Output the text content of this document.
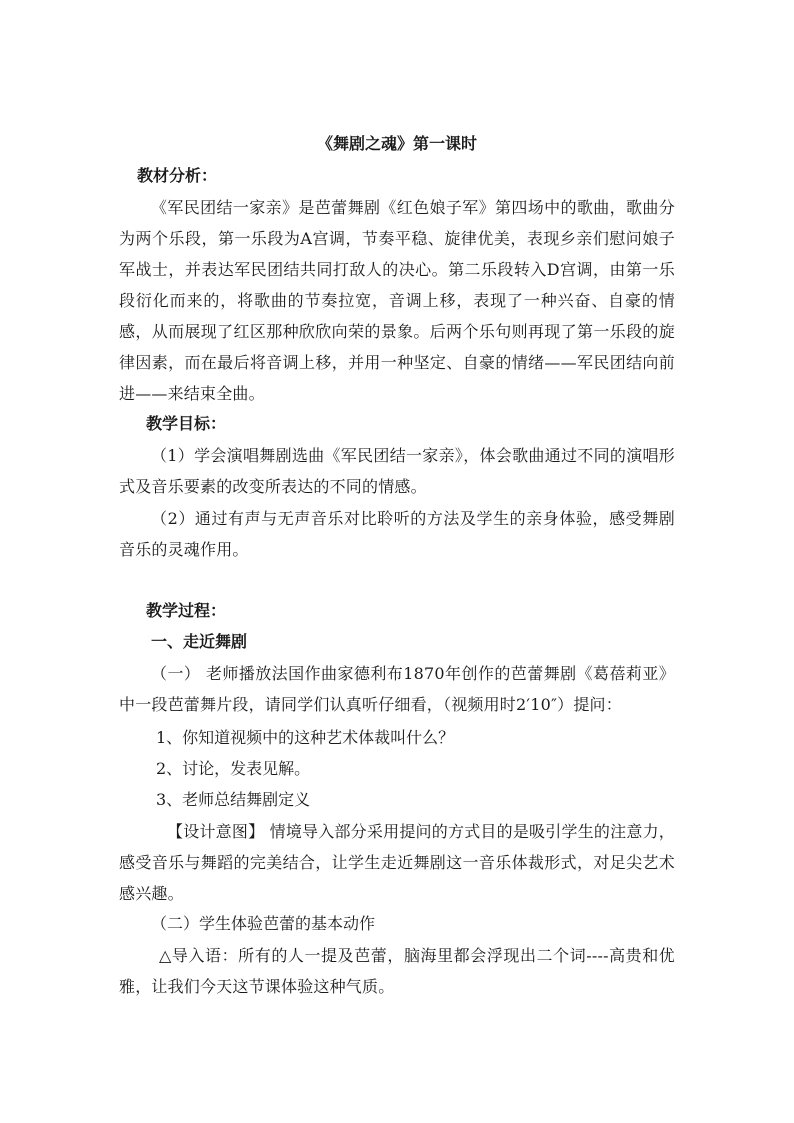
《舞剧之魂》第一课时
教材分析：
《军民团结一家亲》是芭蕾舞剧《红色娘子军》第四场中的歌曲，歌曲分为两个乐段，第一乐段为A宫调，节奏平稳、旋律优美，表现乡亲们慰问娘子军战士，并表达军民团结共同打敌人的决心。第二乐段转入D宫调，由第一乐段衍化而来的，将歌曲的节奏拉宽，音调上移，表现了一种兴奋、自豪的情感，从而展现了红区那种欣欣向荣的景象。后两个乐句则再现了第一乐段的旋律因素，而在最后将音调上移，并用一种坚定、自豪的情绪——军民团结向前进——来结束全曲。
教学目标：
（1）学会演唱舞剧选曲《军民团结一家亲》，体会歌曲通过不同的演唱形式及音乐要素的改变所表达的不同的情感。
（2）通过有声与无声音乐对比聆听的方法及学生的亲身体验，感受舞剧音乐的灵魂作用。
教学过程：
一、走近舞剧
（一） 老师播放法国作曲家德利布1870年创作的芭蕾舞剧《葛蓓莉亚》中一段芭蕾舞片段，请同学们认真听仔细看，（视频用时2′10″）提问：
1、你知道视频中的这种艺术体裁叫什么？
2、讨论，发表见解。
3、老师总结舞剧定义
【设计意图】 情境导入部分采用提问的方式目的是吸引学生的注意力，感受音乐与舞蹈的完美结合，让学生走近舞剧这一音乐体裁形式，对足尖艺术感兴趣。
（二）学生体验芭蕾的基本动作
△导入语：所有的人一提及芭蕾，脑海里都会浮现出二个词----高贵和优雅，让我们今天这节课体验这种气质。
